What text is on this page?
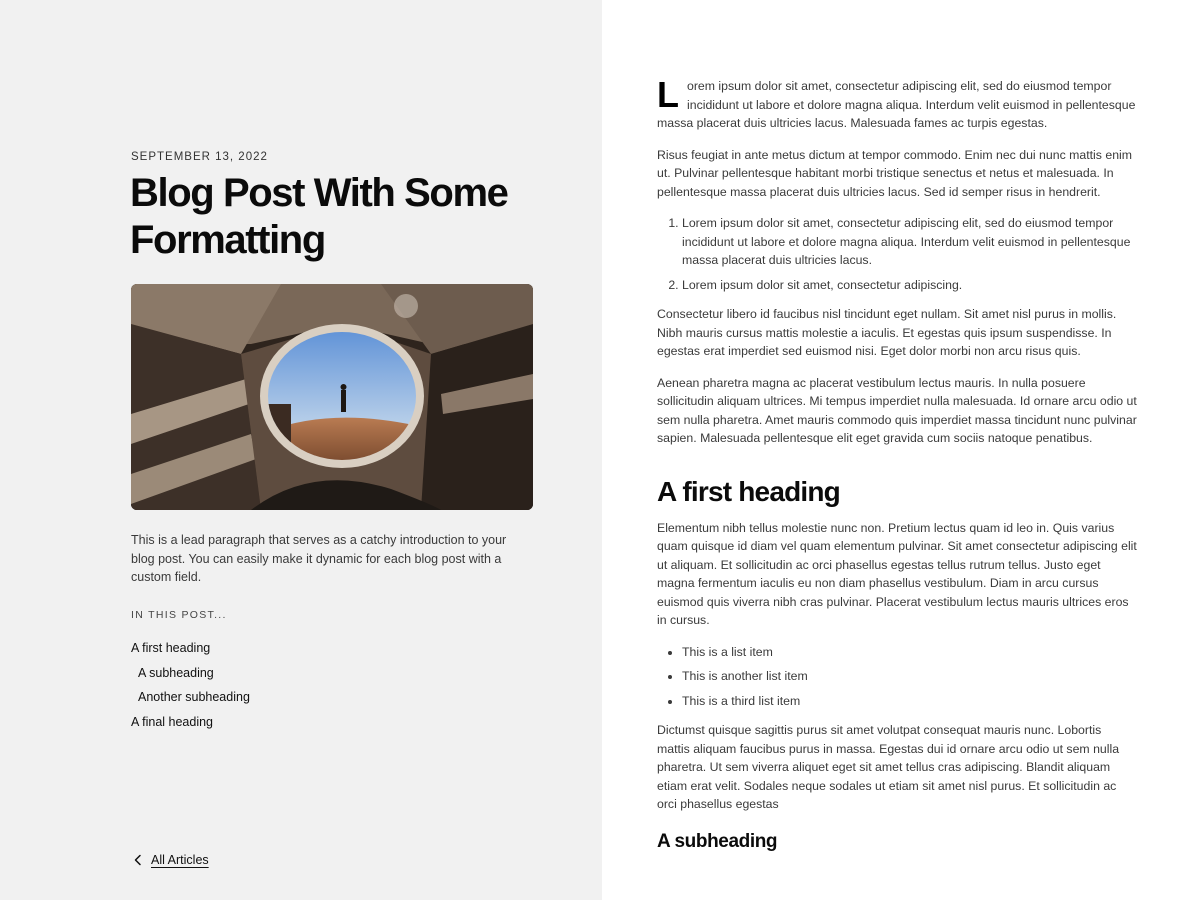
SEPTEMBER 13, 2022
Blog Post With Some Formatting

This is a lead paragraph that serves as a catchy introduction to your blog post. You can easily make it dynamic for each blog post with a custom field.

IN THIS POST...
A first heading
A subheading
Another subheading
A final heading
All Articles

Lorem ipsum dolor sit amet, consectetur adipiscing elit, sed do eiusmod tempor incididunt ut labore et dolore magna aliqua. Interdum velit euismod in pellentesque massa placerat duis ultricies lacus. Malesuada fames ac turpis egestas.

Risus feugiat in ante metus dictum at tempor commodo. Enim nec dui nunc mattis enim ut. Pulvinar pellentesque habitant morbi tristique senectus et netus et malesuada. In pellentesque massa placerat duis ultricies lacus. Sed id semper risus in hendrerit.

1. Lorem ipsum dolor sit amet, consectetur adipiscing elit, sed do eiusmod tempor incididunt ut labore et dolore magna aliqua. Interdum velit euismod in pellentesque massa placerat duis ultricies lacus.
2. Lorem ipsum dolor sit amet, consectetur adipiscing.

Consectetur libero id faucibus nisl tincidunt eget nullam. Sit amet nisl purus in mollis. Nibh mauris cursus mattis molestie a iaculis. Et egestas quis ipsum suspendisse. In egestas erat imperdiet sed euismod nisi. Eget dolor morbi non arcu risus quis.

Aenean pharetra magna ac placerat vestibulum lectus mauris. In nulla posuere sollicitudin aliquam ultrices. Mi tempus imperdiet nulla malesuada. Id ornare arcu odio ut sem nulla pharetra. Amet mauris commodo quis imperdiet massa tincidunt nunc pulvinar sapien. Malesuada pellentesque elit eget gravida cum sociis natoque penatibus.

A first heading

Elementum nibh tellus molestie nunc non. Pretium lectus quam id leo in. Quis varius quam quisque id diam vel quam elementum pulvinar. Sit amet consectetur adipiscing elit ut aliquam. Et sollicitudin ac orci phasellus egestas tellus rutrum tellus. Justo eget magna fermentum iaculis eu non diam phasellus vestibulum. Diam in arcu cursus euismod quis viverra nibh cras pulvinar. Placerat vestibulum lectus mauris ultrices eros in cursus.

• This is a list item
• This is another list item
• This is a third list item

Dictumst quisque sagittis purus sit amet volutpat consequat mauris nunc. Lobortis mattis aliquam faucibus purus in massa. Egestas dui id ornare arcu odio ut sem nulla pharetra. Ut sem viverra aliquet eget sit amet tellus cras adipiscing. Blandit aliquam etiam erat velit. Sodales neque sodales ut etiam sit amet nisl purus. Et sollicitudin ac orci phasellus egestas

A subheading
